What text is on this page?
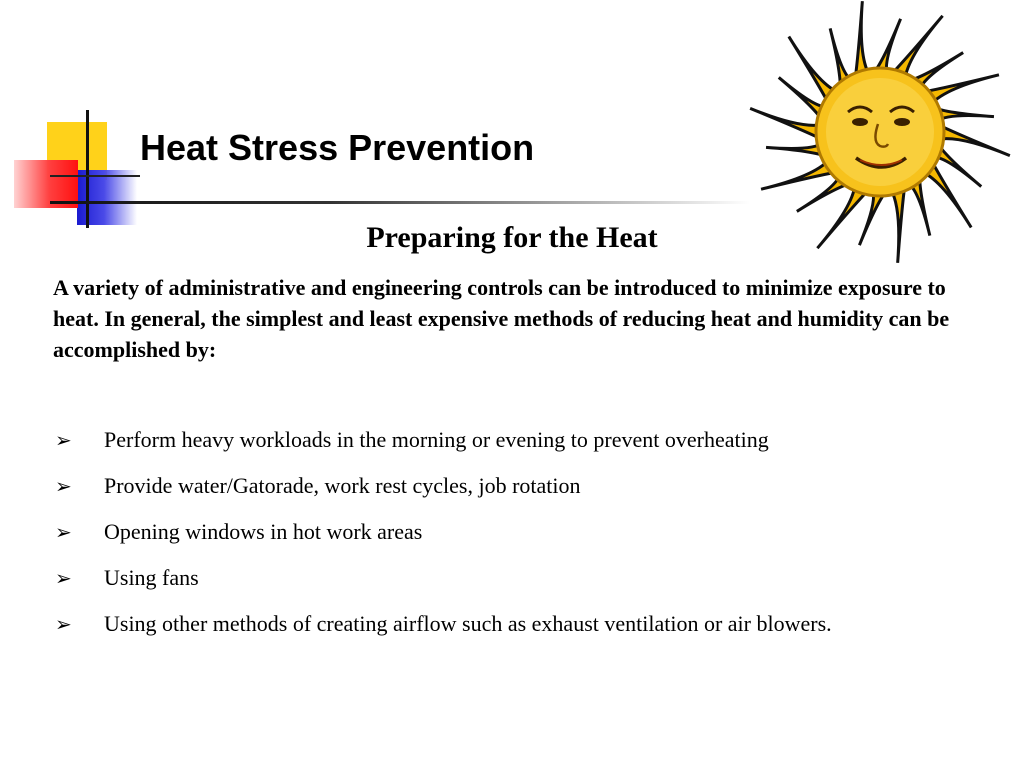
Heat Stress Prevention
Preparing for the Heat

A variety of administrative and engineering controls can be introduced to minimize exposure to heat. In general, the simplest and least expensive methods of reducing heat and humidity can be accomplished by:

➢ Perform heavy workloads in the morning or evening to prevent overheating
➢ Provide water/Gatorade, work rest cycles, job rotation
➢ Opening windows in hot work areas
➢ Using fans
➢ Using other methods of creating airflow such as exhaust ventilation or air blowers.
